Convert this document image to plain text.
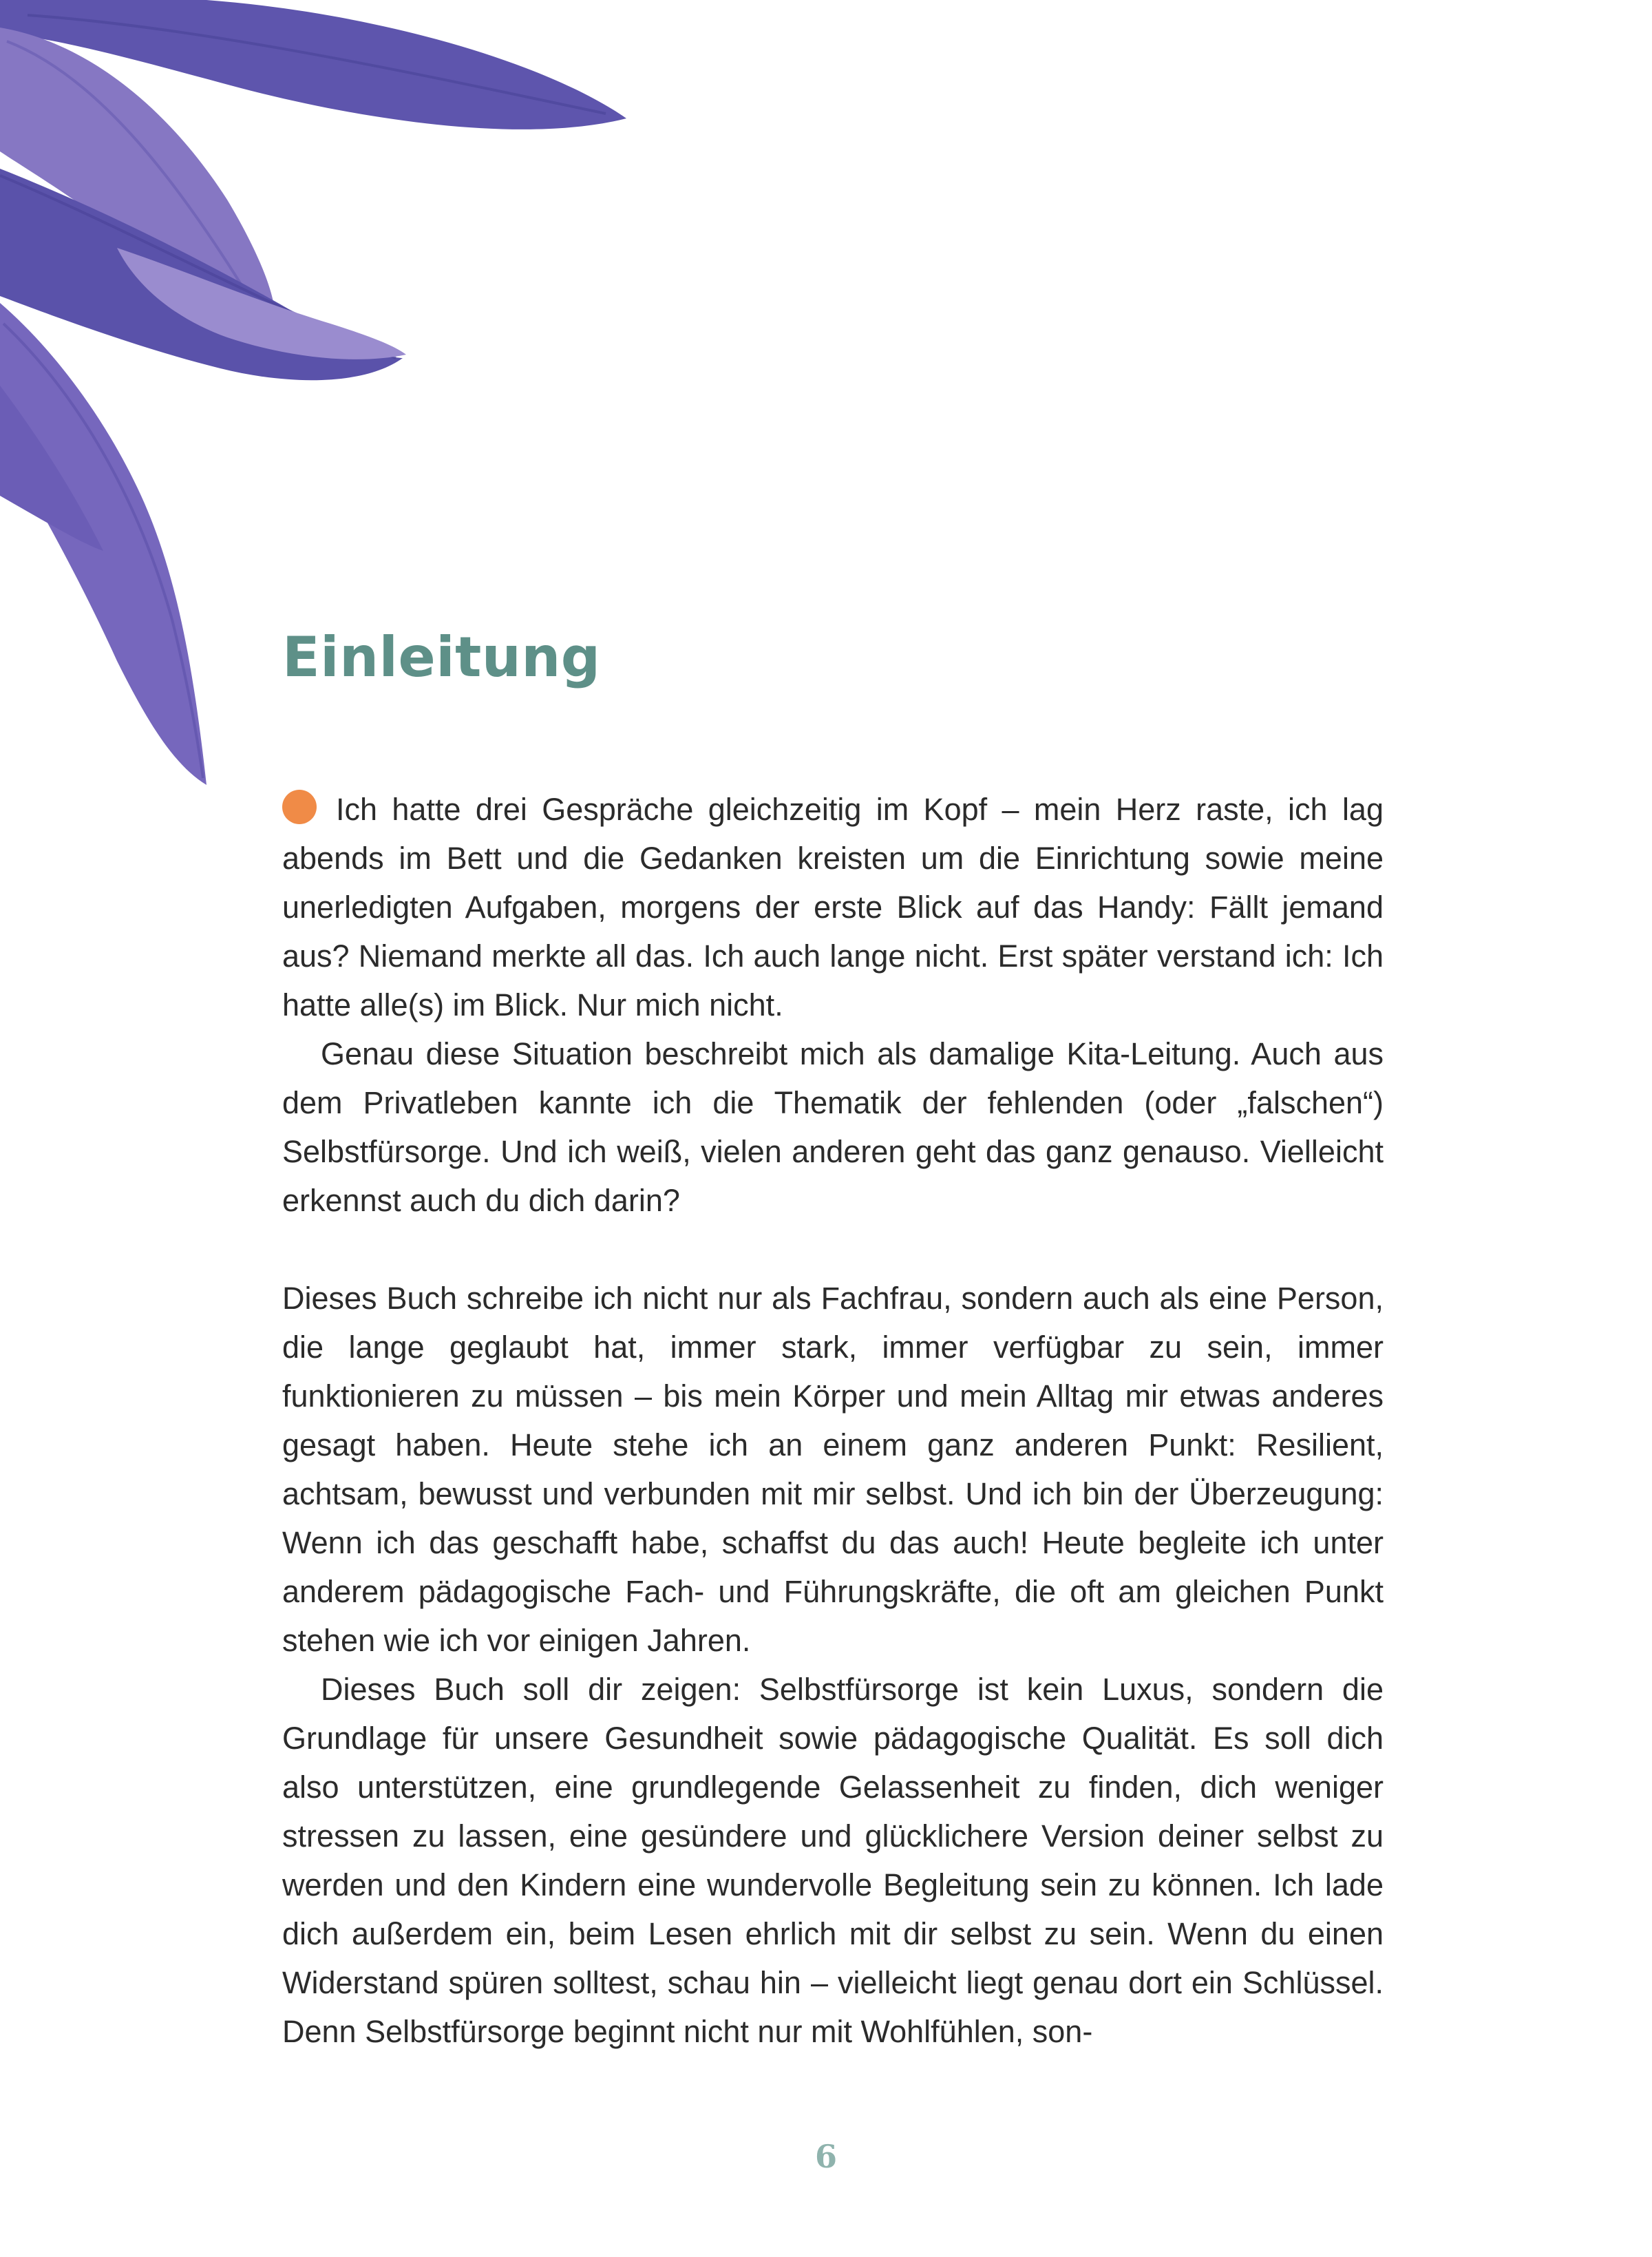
Einleitung

Ich hatte drei Gespräche gleichzeitig im Kopf – mein Herz raste, ich lag abends im Bett und die Gedanken kreisten um die Einrichtung sowie meine unerledigten Aufgaben, morgens der erste Blick auf das Handy: Fällt jemand aus? Niemand merkte all das. Ich auch lange nicht. Erst später verstand ich: Ich hatte alle(s) im Blick. Nur mich nicht.

Genau diese Situation beschreibt mich als damalige Kita-Leitung. Auch aus dem Privatleben kannte ich die Thematik der fehlenden (oder „falschen“) Selbstfürsorge. Und ich weiß, vielen anderen geht das ganz genauso. Vielleicht erkennst auch du dich darin?

Dieses Buch schreibe ich nicht nur als Fachfrau, sondern auch als eine Person, die lange geglaubt hat, immer stark, immer verfügbar zu sein, immer funktionieren zu müssen – bis mein Körper und mein Alltag mir etwas anderes gesagt haben. Heute stehe ich an einem ganz anderen Punkt: Resilient, achtsam, bewusst und verbunden mit mir selbst. Und ich bin der Überzeugung: Wenn ich das geschafft habe, schaffst du das auch! Heute begleite ich unter anderem pädagogische Fach- und Führungskräfte, die oft am gleichen Punkt stehen wie ich vor einigen Jahren.

Dieses Buch soll dir zeigen: Selbstfürsorge ist kein Luxus, sondern die Grundlage für unsere Gesundheit sowie pädagogische Qualität. Es soll dich also unterstützen, eine grundlegende Gelassenheit zu finden, dich weniger stressen zu lassen, eine gesündere und glücklichere Version deiner selbst zu werden und den Kindern eine wundervolle Begleitung sein zu können. Ich lade dich außerdem ein, beim Lesen ehrlich mit dir selbst zu sein. Wenn du einen Widerstand spüren solltest, schau hin – vielleicht liegt genau dort ein Schlüssel. Denn Selbstfürsorge beginnt nicht nur mit Wohlfühlen, son-

6
